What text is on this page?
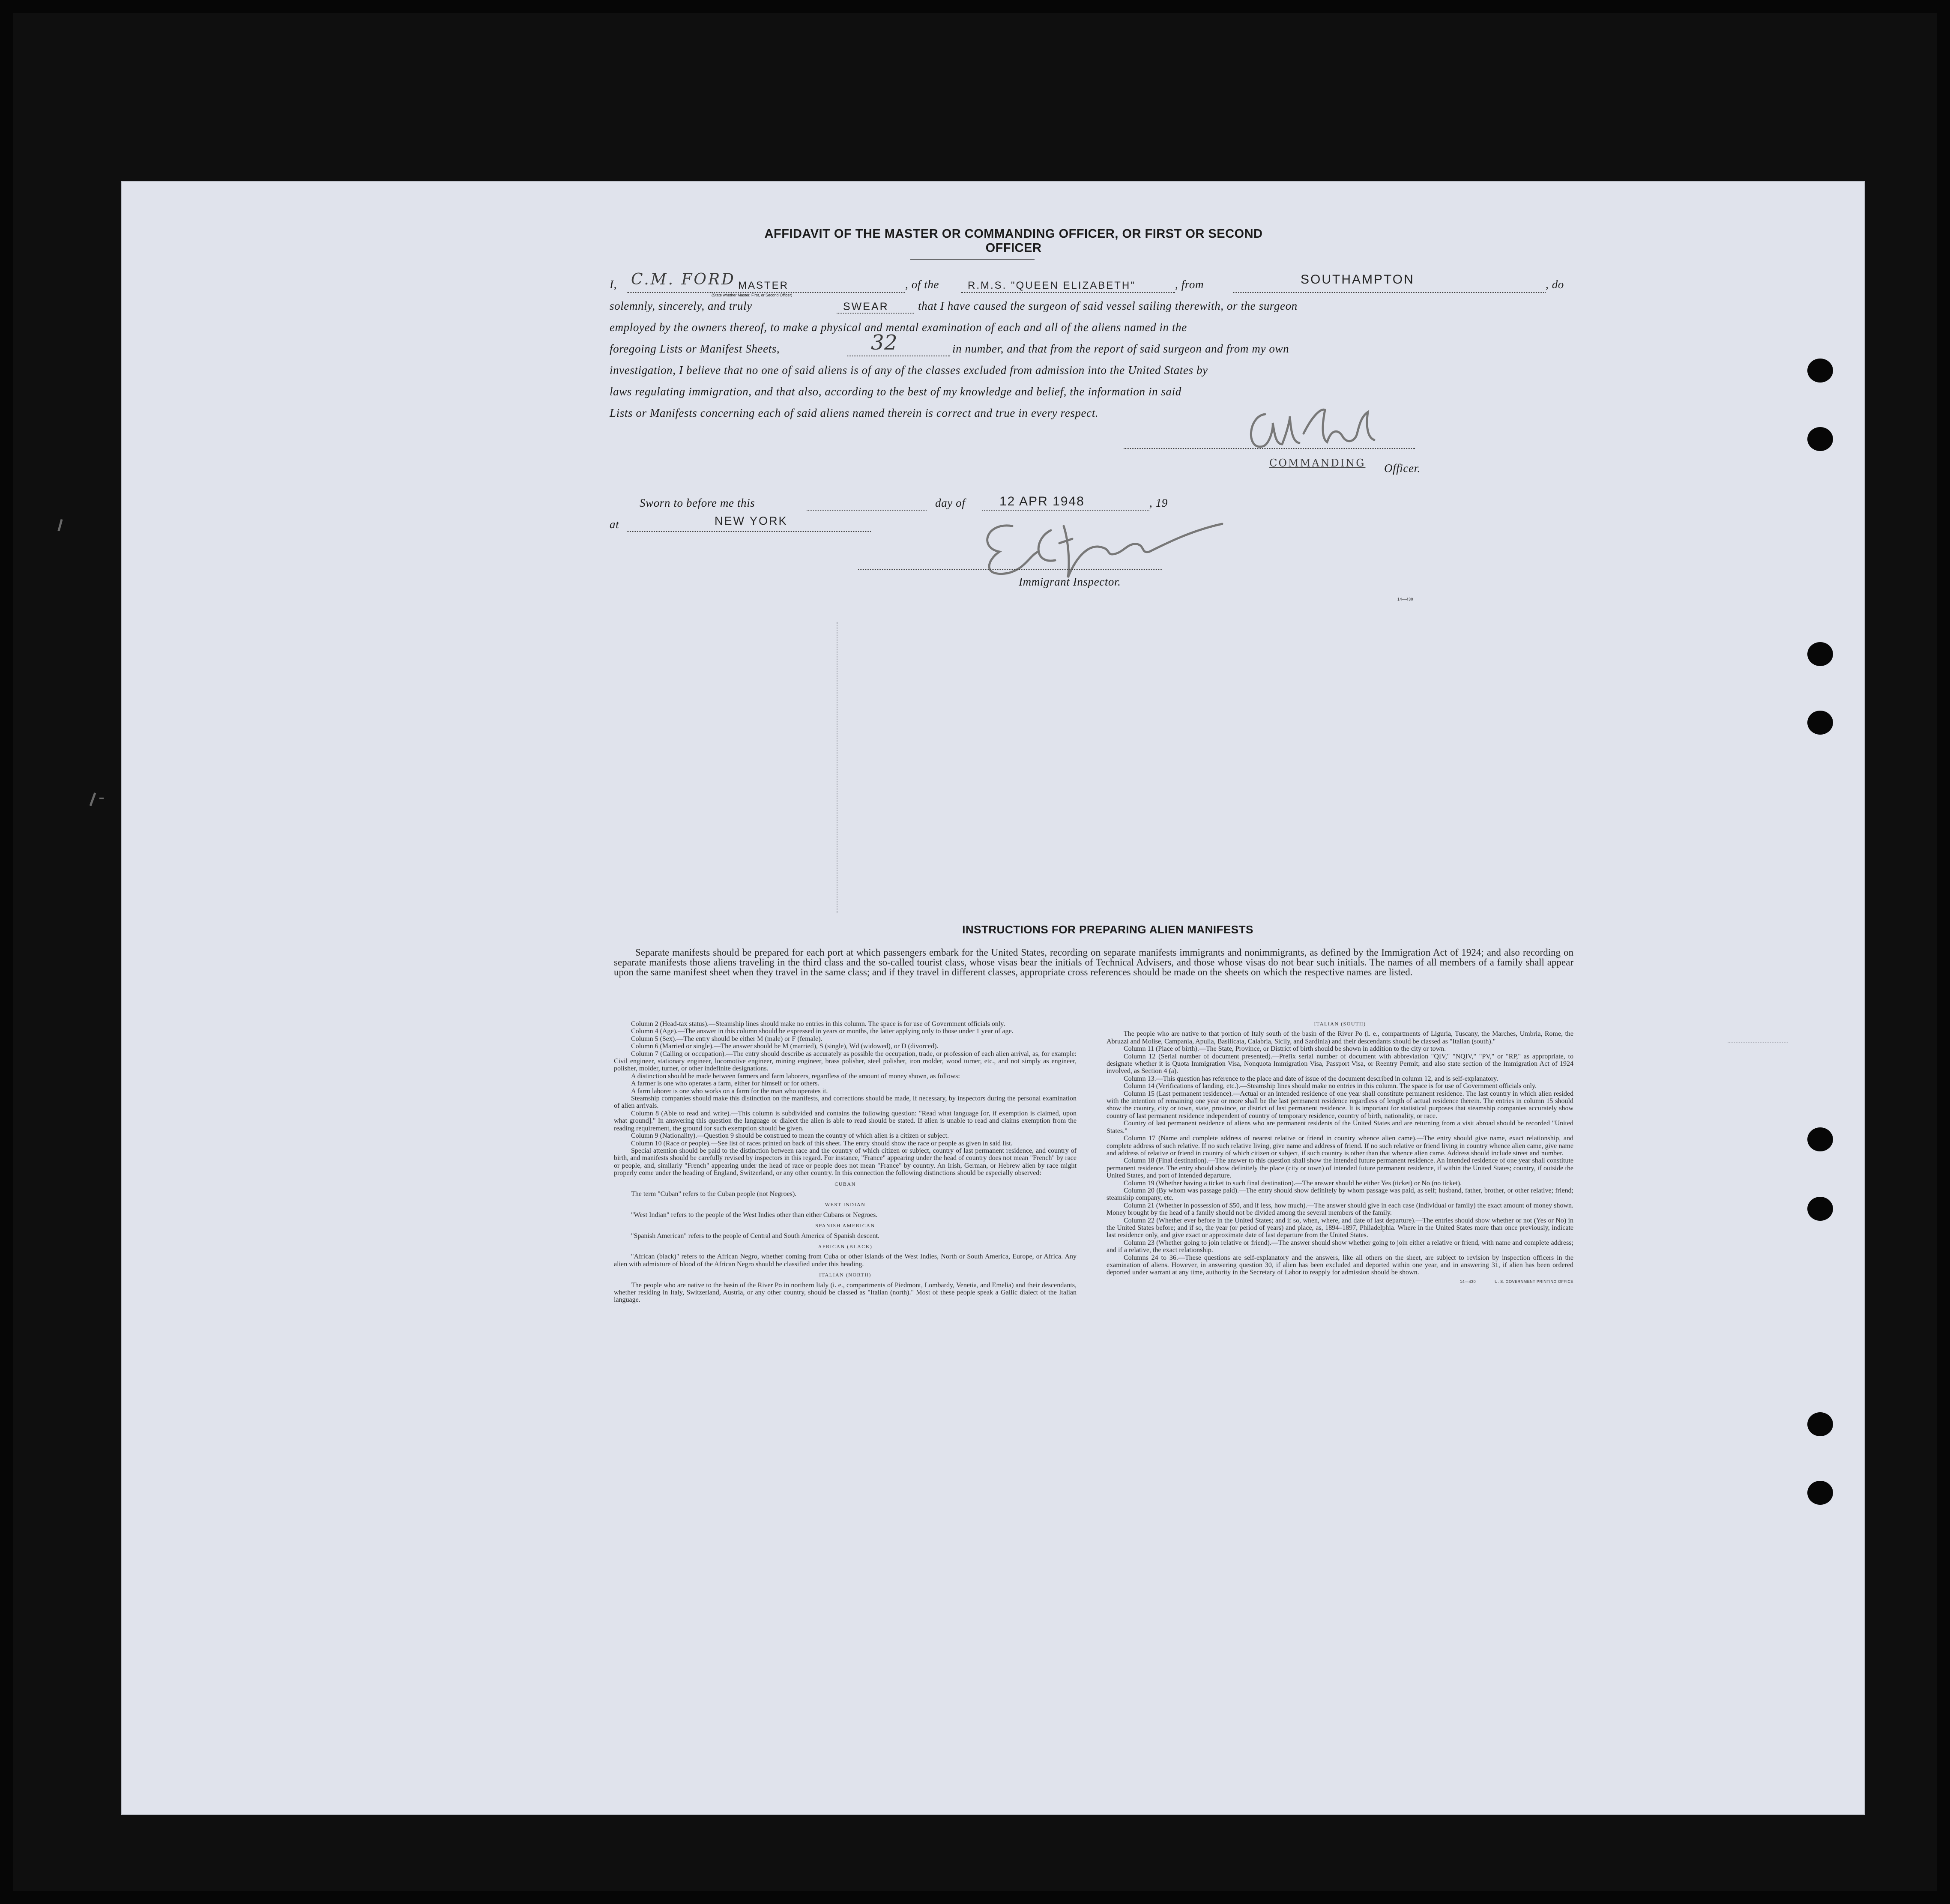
AFFIDAVIT OF THE MASTER OR COMMANDING OFFICER, OR FIRST OR SECOND OFFICER
I, C.M. FORD MASTER
(State whether Master, First, or Second Officer)
, of the	R.M.S. "QUEEN ELIZABETH"	, from	SOUTHAMPTON	, do
solemnly, sincerely, and truly	SWEAR	that I have caused the surgeon of said vessel sailing therewith, or the surgeon
employed by the owners thereof, to make a physical and mental examination of each and all of the aliens named in the
foregoing Lists or Manifest Sheets,	32	in number, and that from the report of said surgeon and from my own
investigation, I believe that no one of said aliens is of any of the classes excluded from admission into the United States by
laws regulating immigration, and that also, according to the best of my knowledge and belief, the information in said
Lists or Manifests concerning each of said aliens named therein is correct and true in every respect.
C.M. Ford
COMMANDING Officer.
Sworn to before me this	day of	12 APR 1948	, 19
at	NEW YORK
E. Hess
Immigrant Inspector.
14—430
INSTRUCTIONS FOR PREPARING ALIEN MANIFESTS
Separate manifests should be prepared for each port at which passengers embark for the United States, recording on separate manifests immigrants and nonimmigrants, as defined by the Immigration Act of 1924; and also recording on separate manifests those aliens traveling in the third class and the so-called tourist class, whose visas bear the initials of Technical Advisers, and those whose visas do not bear such initials. The names of all members of a family shall appear upon the same manifest sheet when they travel in the same class; and if they travel in different classes, appropriate cross references should be made on the sheets on which the respective names are listed.

Column 2 (Head-tax status).—Steamship lines should make no entries in this column. The space is for use of Government officials only.

Column 4 (Age).—The answer in this column should be expressed in years or months, the latter applying only to those under 1 year of age.

Column 5 (Sex).—The entry should be either M (male) or F (female).

Column 6 (Married or single).—The answer should be M (married), S (single), Wd (widowed), or D (divorced).

Column 7 (Calling or occupation).—The entry should describe as accurately as possible the occupation, trade, or profession of each alien arrival, as, for example: Civil engineer, stationary engineer, locomotive engineer, mining engineer, brass polisher, steel polisher, iron molder, wood turner, etc., and not simply as engineer, polisher, molder, turner, or other indefinite designations.

A distinction should be made between farmers and farm laborers, regardless of the amount of money shown, as follows:

A farmer is one who operates a farm, either for himself or for others.

A farm laborer is one who works on a farm for the man who operates it.

Steamship companies should make this distinction on the manifests, and corrections should be made, if necessary, by inspectors during the personal examination of alien arrivals.

Column 8 (Able to read and write).—This column is subdivided and contains the following question: "Read what language [or, if exemption is claimed, upon what ground]." In answering this question the language or dialect the alien is able to read should be stated. If alien is unable to read and claims exemption from the reading requirement, the ground for such exemption should be given.

Column 9 (Nationality).—Question 9 should be construed to mean the country of which alien is a citizen or subject.

Column 10 (Race or people).—See list of races printed on back of this sheet. The entry should show the race or people as given in said list.

Special attention should be paid to the distinction between race and the country of which citizen or subject, country of last permanent residence, and country of birth, and manifests should be carefully revised by inspectors in this regard. For instance, "France" appearing under the head of country does not mean "French" by race or people, and, similarly "French" appearing under the head of race or people does not mean "France" by country. An Irish, German, or Hebrew alien by race might properly come under the heading of England, Switzerland, or any other country. In this connection the following distinctions should be especially observed:

CUBAN

The term "Cuban" refers to the Cuban people (not Negroes).

WEST INDIAN

"West Indian" refers to the people of the West Indies other than either Cubans or Negroes.

SPANISH AMERICAN

"Spanish American" refers to the people of Central and South America of Spanish descent.

AFRICAN (BLACK)

"African (black)" refers to the African Negro, whether coming from Cuba or other islands of the West Indies, North or South America, Europe, or Africa. Any alien with admixture of blood of the African Negro should be classified under this heading.

ITALIAN (NORTH)

The people who are native to the basin of the River Po in northern Italy (i. e., compartments of Piedmont, Lombardy, Venetia, and Emelia) and their descendants, whether residing in Italy, Switzerland, Austria, or any other country, should be classed as "Italian (north)." Most of these people speak a Gallic dialect of the Italian language.

ITALIAN (SOUTH)

The people who are native to that portion of Italy south of the basin of the River Po (i. e., compartments of Liguria, Tuscany, the Marches, Umbria, Rome, the Abruzzi and Molise, Campania, Apulia, Basilicata, Calabria, Sicily, and Sardinia) and their descendants should be classed as "Italian (south)."

Column 11 (Place of birth).—The State, Province, or District of birth should be shown in addition to the city or town.

Column 12 (Serial number of document presented).—Prefix serial number of document with abbreviation "QIV," "NQIV," "PV," or "RP," as appropriate, to designate whether it is Quota Immigration Visa, Nonquota Immigration Visa, Passport Visa, or Reentry Permit; and also state section of the Immigration Act of 1924 involved, as Section 4 (a).

Column 13.—This question has reference to the place and date of issue of the document described in column 12, and is self-explanatory.

Column 14 (Verifications of landing, etc.).—Steamship lines should make no entries in this column. The space is for use of Government officials only.

Column 15 (Last permanent residence).—Actual or an intended residence of one year shall constitute permanent residence. The last country in which alien resided with the intention of remaining one year or more shall be the last permanent residence regardless of length of actual residence therein. The entries in column 15 should show the country, city or town, state, province, or district of last permanent residence. It is important for statistical purposes that steamship companies accurately show country of last permanent residence independent of country of temporary residence, country of birth, nationality, or race.

Country of last permanent residence of aliens who are permanent residents of the United States and are returning from a visit abroad should be recorded "United States."

Column 17 (Name and complete address of nearest relative or friend in country whence alien came).—The entry should give name, exact relationship, and complete address of such relative. If no such relative living, give name and address of friend. If no such relative or friend living in country whence alien came, give name and address of relative or friend in country of which citizen or subject, if such country is other than that whence alien came. Address should include street and number.

Column 18 (Final destination).—The answer to this question shall show the intended future permanent residence. An intended residence of one year shall constitute permanent residence. The entry should show definitely the place (city or town) of intended future permanent residence, if within the United States; country, if outside the United States, and port of intended departure.

Column 19 (Whether having a ticket to such final destination).—The answer should be either Yes (ticket) or No (no ticket).

Column 20 (By whom was passage paid).—The entry should show definitely by whom passage was paid, as self; husband, father, brother, or other relative; friend; steamship company, etc.

Column 21 (Whether in possession of $50, and if less, how much).—The answer should give in each case (individual or family) the exact amount of money shown. Money brought by the head of a family should not be divided among the several members of the family.

Column 22 (Whether ever before in the United States; and if so, when, where, and date of last departure).—The entries should show whether or not (Yes or No) in the United States before; and if so, the year (or period of years) and place, as, 1894–1897, Philadelphia. Where in the United States more than once previously, indicate last residence only, and give exact or approximate date of last departure from the United States.

Column 23 (Whether going to join relative or friend).—The answer should show whether going to join either a relative or friend, with name and complete address; and if a relative, the exact relationship.

Columns 24 to 36.—These questions are self-explanatory and the answers, like all others on the sheet, are subject to revision by inspection officers in the examination of aliens. However, in answering question 30, if alien has been excluded and deported within one year, and in answering 31, if alien has been ordered deported under warrant at any time, authority in the Secretary of Labor to reapply for admission should be shown.

14—430	U. S. GOVERNMENT PRINTING OFFICE
